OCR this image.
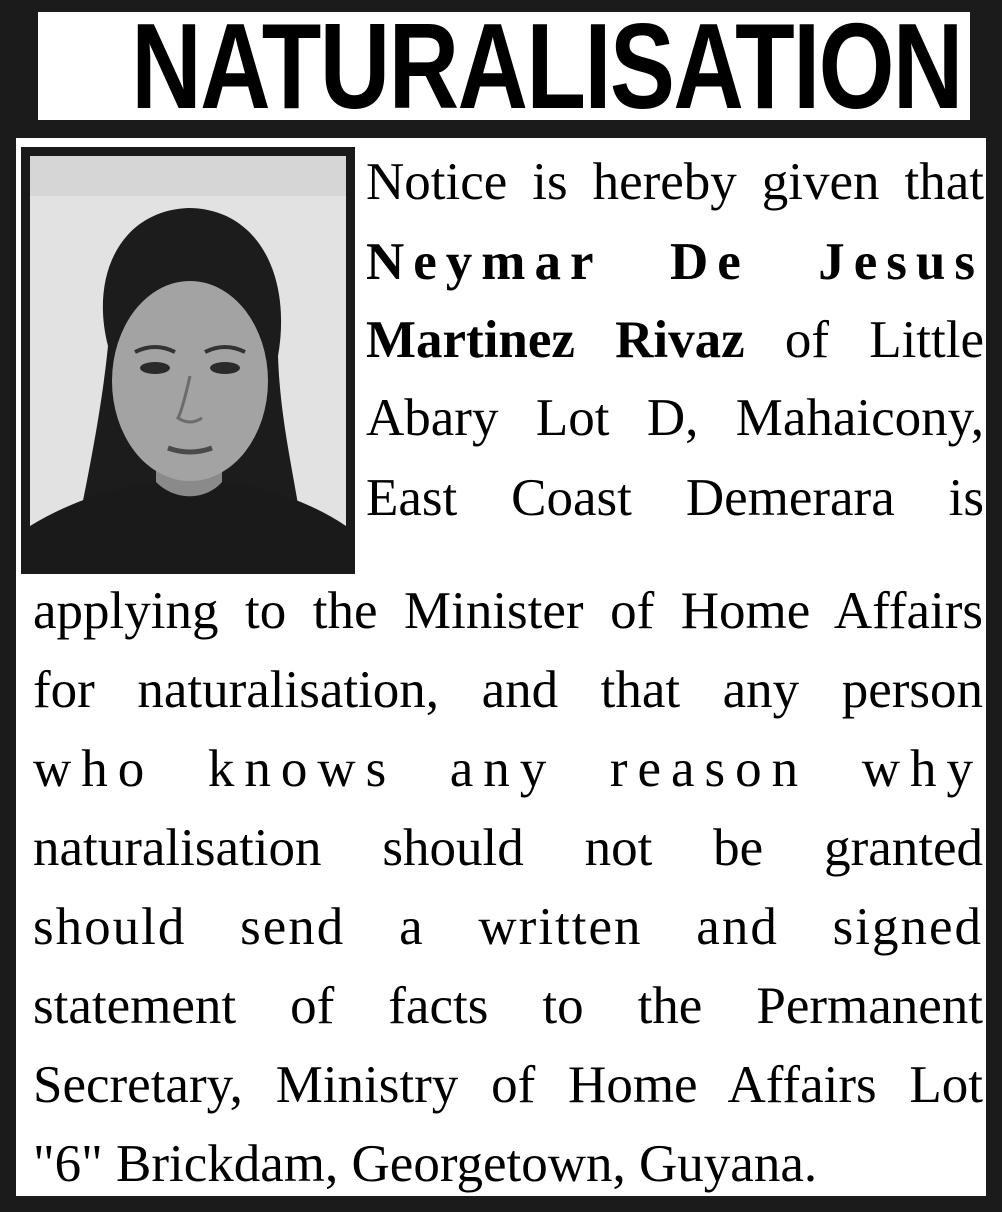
NATURALISATION
Notice is hereby given that
Neymar De Jesus
Martinez Rivaz of Little
Abary Lot D, Mahaicony,
East Coast Demerara is
applying to the Minister of Home Affairs
for naturalisation, and that any person
who knows any reason why
naturalisation should not be granted
should send a written and signed
statement of facts to the Permanent
Secretary, Ministry of Home Affairs Lot
"6" Brickdam, Georgetown, Guyana.
